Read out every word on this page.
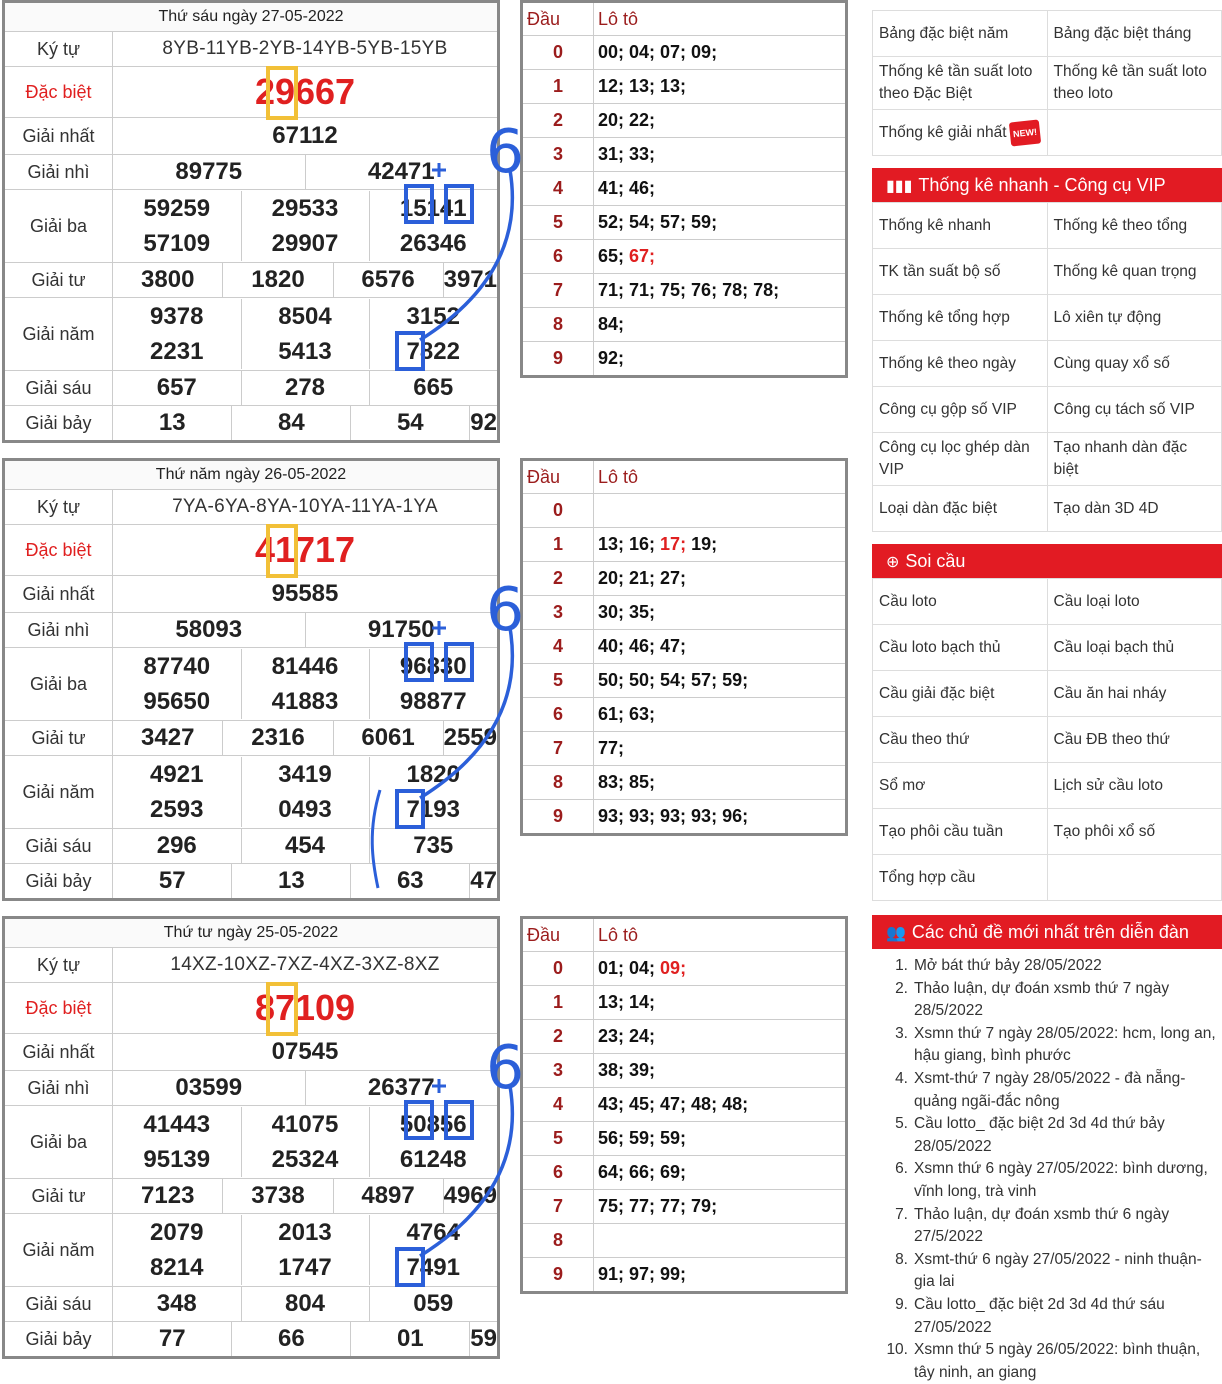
Thứ sáu ngày 27-05-2022
Ký tự	8YB-11YB-2YB-14YB-5YB-15YB
Đặc biệt	29667
Giải nhất	67112
Giải nhì		89775	42471

Giải ba	
59259	29533	15141
57109	29907	26346

Giải tư	3800	1820	6576	3971

Giải năm	
9378	8504	3152
2231	5413	7822

Giải sáu		657	278	665

Giải bảy		13	84	54	92
Đầu	Lô tô
0	00; 04; 07; 09;
1	12; 13; 13;
2	20; 22;
3	31; 33;
4	41; 46;
5	52; 54; 57; 59;
6	65; 67;
7	71; 71; 75; 76; 78; 78;
8	84;
9	92;
Thứ năm ngày 26-05-2022
Ký tự	7YA-6YA-8YA-10YA-11YA-1YA
Đặc biệt	41717
Giải nhất	95585
Giải nhì		58093	91750

Giải ba	
87740	81446	96830
95650	41883	98877

Giải tư	3427	2316	6061	2559

Giải năm	
4921	3419	1820
2593	0493	7193

Giải sáu		296	454	735

Giải bảy		57	13	63	47
Đầu	Lô tô
0	
1	13; 16; 17; 19;
2	20; 21; 27;
3	30; 35;
4	40; 46; 47;
5	50; 50; 54; 57; 59;
6	61; 63;
7	77;
8	83; 85;
9	93; 93; 93; 93; 96;
Thứ tư ngày 25-05-2022
Ký tự	14XZ-10XZ-7XZ-4XZ-3XZ-8XZ
Đặc biệt	87109
Giải nhất	07545
Giải nhì		03599	26377

Giải ba	
41443	41075	50856
95139	25324	61248

Giải tư	7123	3738	4897	4969

Giải năm	
2079	2013	4764
8214	1747	7491

Giải sáu		348	804	059

Giải bảy		77	66	01	59
Đầu	Lô tô
0	01; 04; 09;
1	13; 14;
2	23; 24;
3	38; 39;
4	43; 45; 47; 48; 48;
5	56; 59; 59;
6	64; 66; 69;
7	75; 77; 77; 79;
8	
9	91; 97; 99;
Bảng đặc biệt năm	Bảng đặc biệt tháng
Thống kê tần suất loto theo Đặc Biệt	Thống kê tần suất loto theo loto
Thống kê giải nhất NEW!	
▮▮▮ Thống kê nhanh - Công cụ VIP
Thống kê nhanh	Thống kê theo tổng
TK tần suất bộ số	Thống kê quan trọng
Thống kê tổng hợp	Lô xiên tự động
Thống kê theo ngày	Cùng quay xổ số
Công cụ gộp số VIP	Công cụ tách số VIP
Công cụ lọc ghép dàn VIP	Tạo nhanh dàn đặc biệt
Loại dàn đặc biệt	Tạo dàn 3D 4D
⊕ Soi cầu
Cầu loto	Cầu loại loto
Cầu loto bạch thủ	Cầu loại bạch thủ
Cầu giải đặc biệt	Cầu ăn hai nháy
Cầu theo thứ	Cầu ĐB theo thứ
Sổ mơ	Lịch sử cầu loto
Tạo phôi cầu tuần	Tạo phôi xổ số
Tổng hợp cầu	
👥 Các chủ đề mới nhất trên diễn đàn
1. Mở bát thứ bảy 28/05/2022
2. Thảo luận, dự đoán xsmb thứ 7 ngày 28/5/2022
3. Xsmn thứ 7 ngày 28/05/2022: hcm, long an, hậu giang, bình phước
4. Xsmt-thứ 7 ngày 28/05/2022 - đà nẵng-quảng ngãi-đắc nông
5. Cầu lotto_ đặc biệt 2d 3d 4d thứ bảy 28/05/2022
6. Xsmn thứ 6 ngày 27/05/2022: bình dương, vĩnh long, trà vinh
7. Thảo luận, dự đoán xsmb thứ 6 ngày 27/5/2022
8. Xsmt-thứ 6 ngày 27/05/2022 - ninh thuận-gia lai
9. Cầu lotto_ đặc biệt 2d 3d 4d thứ sáu 27/05/2022
10. Xsmn thứ 5 ngày 26/05/2022: bình thuận, tây ninh, an giang
6
6
6
